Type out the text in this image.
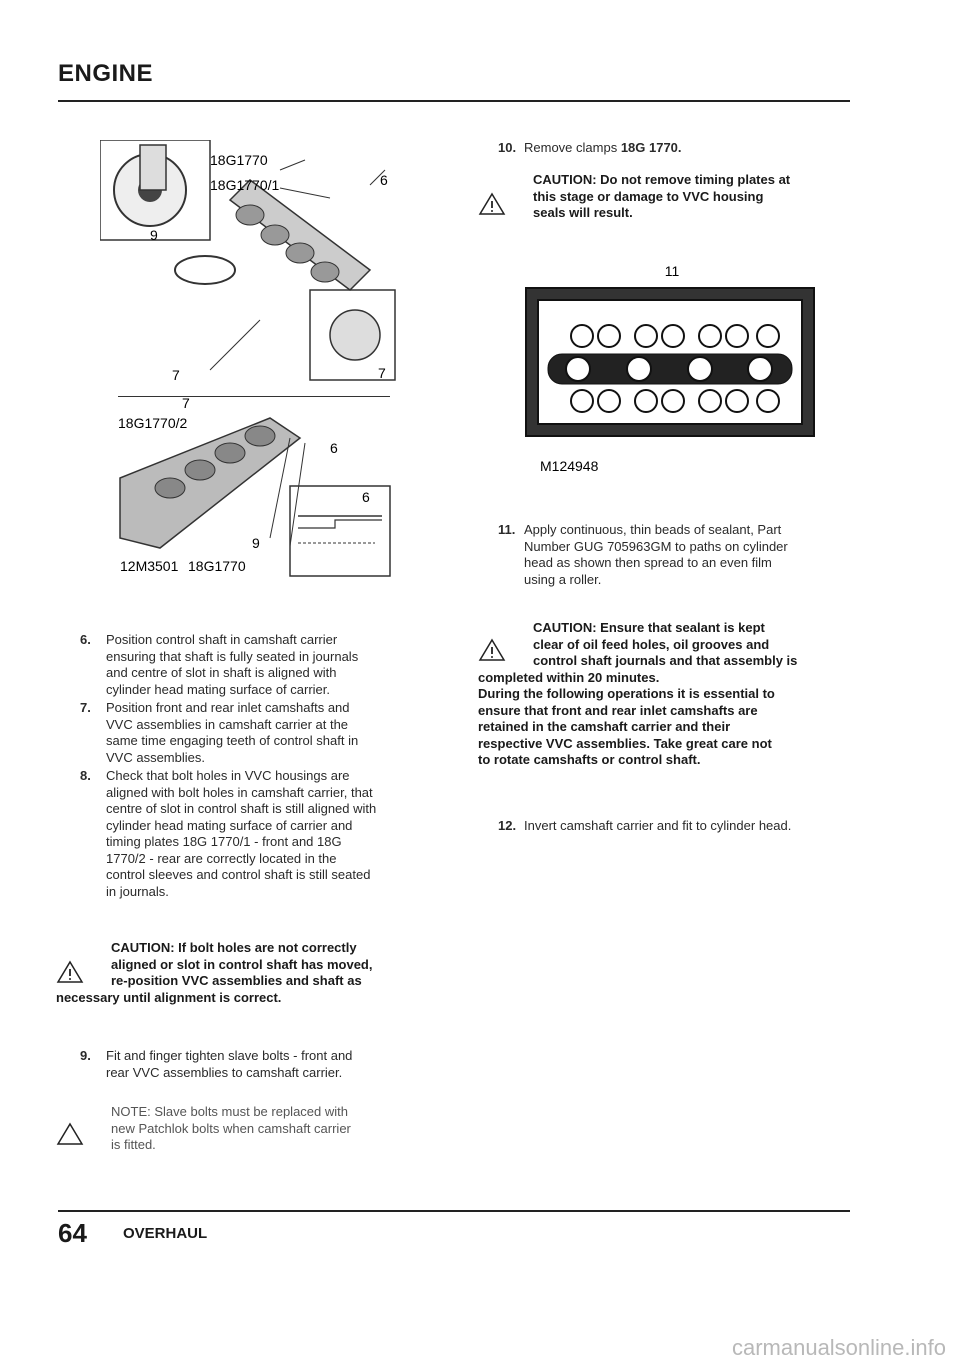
ENGINE
18G1770
18G1770/1	6
9
7	7
7
18G1770/2
6
6
9
12M3501 18G1770
11
M124948
6. Position control shaft in camshaft carrier
ensuring that shaft is fully seated in journals
and centre of slot in shaft is aligned with
cylinder head mating surface of carrier.
7. Position front and rear inlet camshafts and
VVC assemblies in camshaft carrier at the
same time engaging teeth of control shaft in
VVC assemblies.
8. Check that bolt holes in VVC housings are
aligned with bolt holes in camshaft carrier, that
centre of slot in control shaft is still aligned with
cylinder head mating surface of carrier and
timing plates 18G 1770/1 - front and 18G
1770/2 - rear are correctly located in the
control sleeves and control shaft is still seated
in journals.
CAUTION: If bolt holes are not correctly
aligned or slot in control shaft has moved,
re-position VVC assemblies and shaft as
necessary until alignment is correct.
9. Fit and finger tighten slave bolts - front and
rear VVC assemblies to camshaft carrier.
NOTE: Slave bolts must be replaced with
new Patchlok bolts when camshaft carrier
is fitted.
10. Remove clamps 18G 1770.
CAUTION: Do not remove timing plates at
this stage or damage to VVC housing
seals will result.
11. Apply continuous, thin beads of sealant, Part
Number GUG 705963GM to paths on cylinder
head as shown then spread to an even film
using a roller.
CAUTION: Ensure that sealant is kept
clear of oil feed holes, oil grooves and
control shaft journals and that assembly is
completed within 20 minutes.
During the following operations it is essential to
ensure that front and rear inlet camshafts are
retained in the camshaft carrier and their
respective VVC assemblies. Take great care not
to rotate camshafts or control shaft.
12. Invert camshaft carrier and fit to cylinder head.
64 OVERHAUL
carmanualsonline.info
